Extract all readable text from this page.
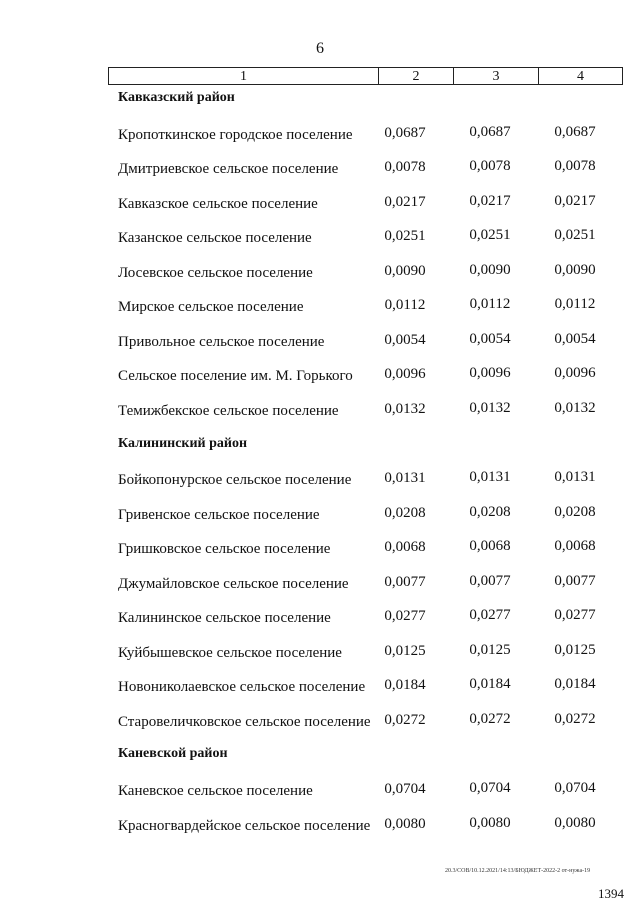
6
1	2	3	4
Кавказский район
Кропоткинское городское поселение	0,0687	0,0687	0,0687
Дмитриевское сельское поселение	0,0078	0,0078	0,0078
Кавказское сельское поселение	0,0217	0,0217	0,0217
Казанское сельское поселение	0,0251	0,0251	0,0251
Лосевское сельское поселение	0,0090	0,0090	0,0090
Мирское сельское поселение	0,0112	0,0112	0,0112
Привольное сельское поселение	0,0054	0,0054	0,0054
Сельское поселение им. М. Горького	0,0096	0,0096	0,0096
Темижбекское сельское поселение	0,0132	0,0132	0,0132
Калининский район
Бойкопонурское сельское поселение	0,0131	0,0131	0,0131
Гривенское сельское поселение	0,0208	0,0208	0,0208
Гришковское сельское поселение	0,0068	0,0068	0,0068
Джумайловское сельское поселение	0,0077	0,0077	0,0077
Калининское сельское поселение	0,0277	0,0277	0,0277
Куйбышевское сельское поселение	0,0125	0,0125	0,0125
Новониколаевское сельское поселение	0,0184	0,0184	0,0184
Старовеличковское сельское поселение 0,0272	0,0272	0,0272
Каневской район
Каневское сельское поселение	0,0704	0,0704	0,0704
Красногвардейское сельское поселение 0,0080	0,0080	0,0080
20.3/СОВ/10.12.2021/14:13/БЮДЖЕТ-2022-2 от-нужа-19
1394
